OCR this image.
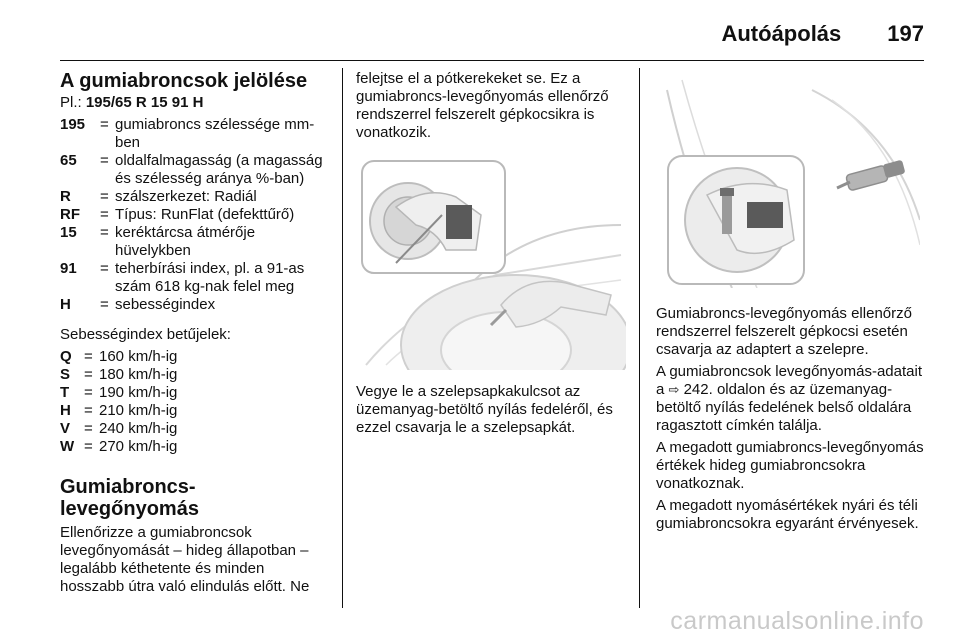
Autóápolás 197
A gumiabroncsok jelölése
Pl.: 195/65 R 15 91 H
195 = gumiabroncs szélessége mm-ben
65	= oldalfalmagasság (a magasság és szélesség aránya %-ban)
R	= szálszerkezet: Radiál
RF	= Típus: RunFlat (defekttűrő)
15	= keréktárcsa átmérője hüvelykben
91	= teherbírási index, pl. a 91-as szám 618 kg-nak felel meg
H	= sebességindex

Sebességindex betűjelek:

Q = 160 km/h-ig
S = 180 km/h-ig
T = 190 km/h-ig
H = 210 km/h-ig
V = 240 km/h-ig
W = 270 km/h-ig
Gumiabroncs-levegőnyomás

Ellenőrizze a gumiabroncsok levegőnyomását – hideg állapotban – legalább kéthetente és minden hosszabb útra való elindulás előtt. Ne

felejtse el a pótkerekeket se. Ez a gumiabroncs-levegőnyomás ellenőrző rendszerrel felszerelt gépkocsikra is vonatkozik.

Vegye le a szelepsapkakulcsot az üzemanyag-betöltő nyílás fedeléről, és ezzel csavarja le a szelepsapkát.

Gumiabroncs-levegőnyomás ellenőrző rendszerrel felszerelt gépkocsi esetén csavarja az adaptert a szelepre.

A gumiabroncsok levegőnyomás-adatait a ⇨ 242. oldalon és az üzemanyag-betöltő nyílás fedelének belső oldalára ragasztott címkén találja.

A megadott gumiabroncs-levegőnyomás értékek hideg gumiabroncsokra vonatkoznak.

A megadott nyomásértékek nyári és téli gumiabroncsokra egyaránt érvényesek.

carmanualsonline.info
